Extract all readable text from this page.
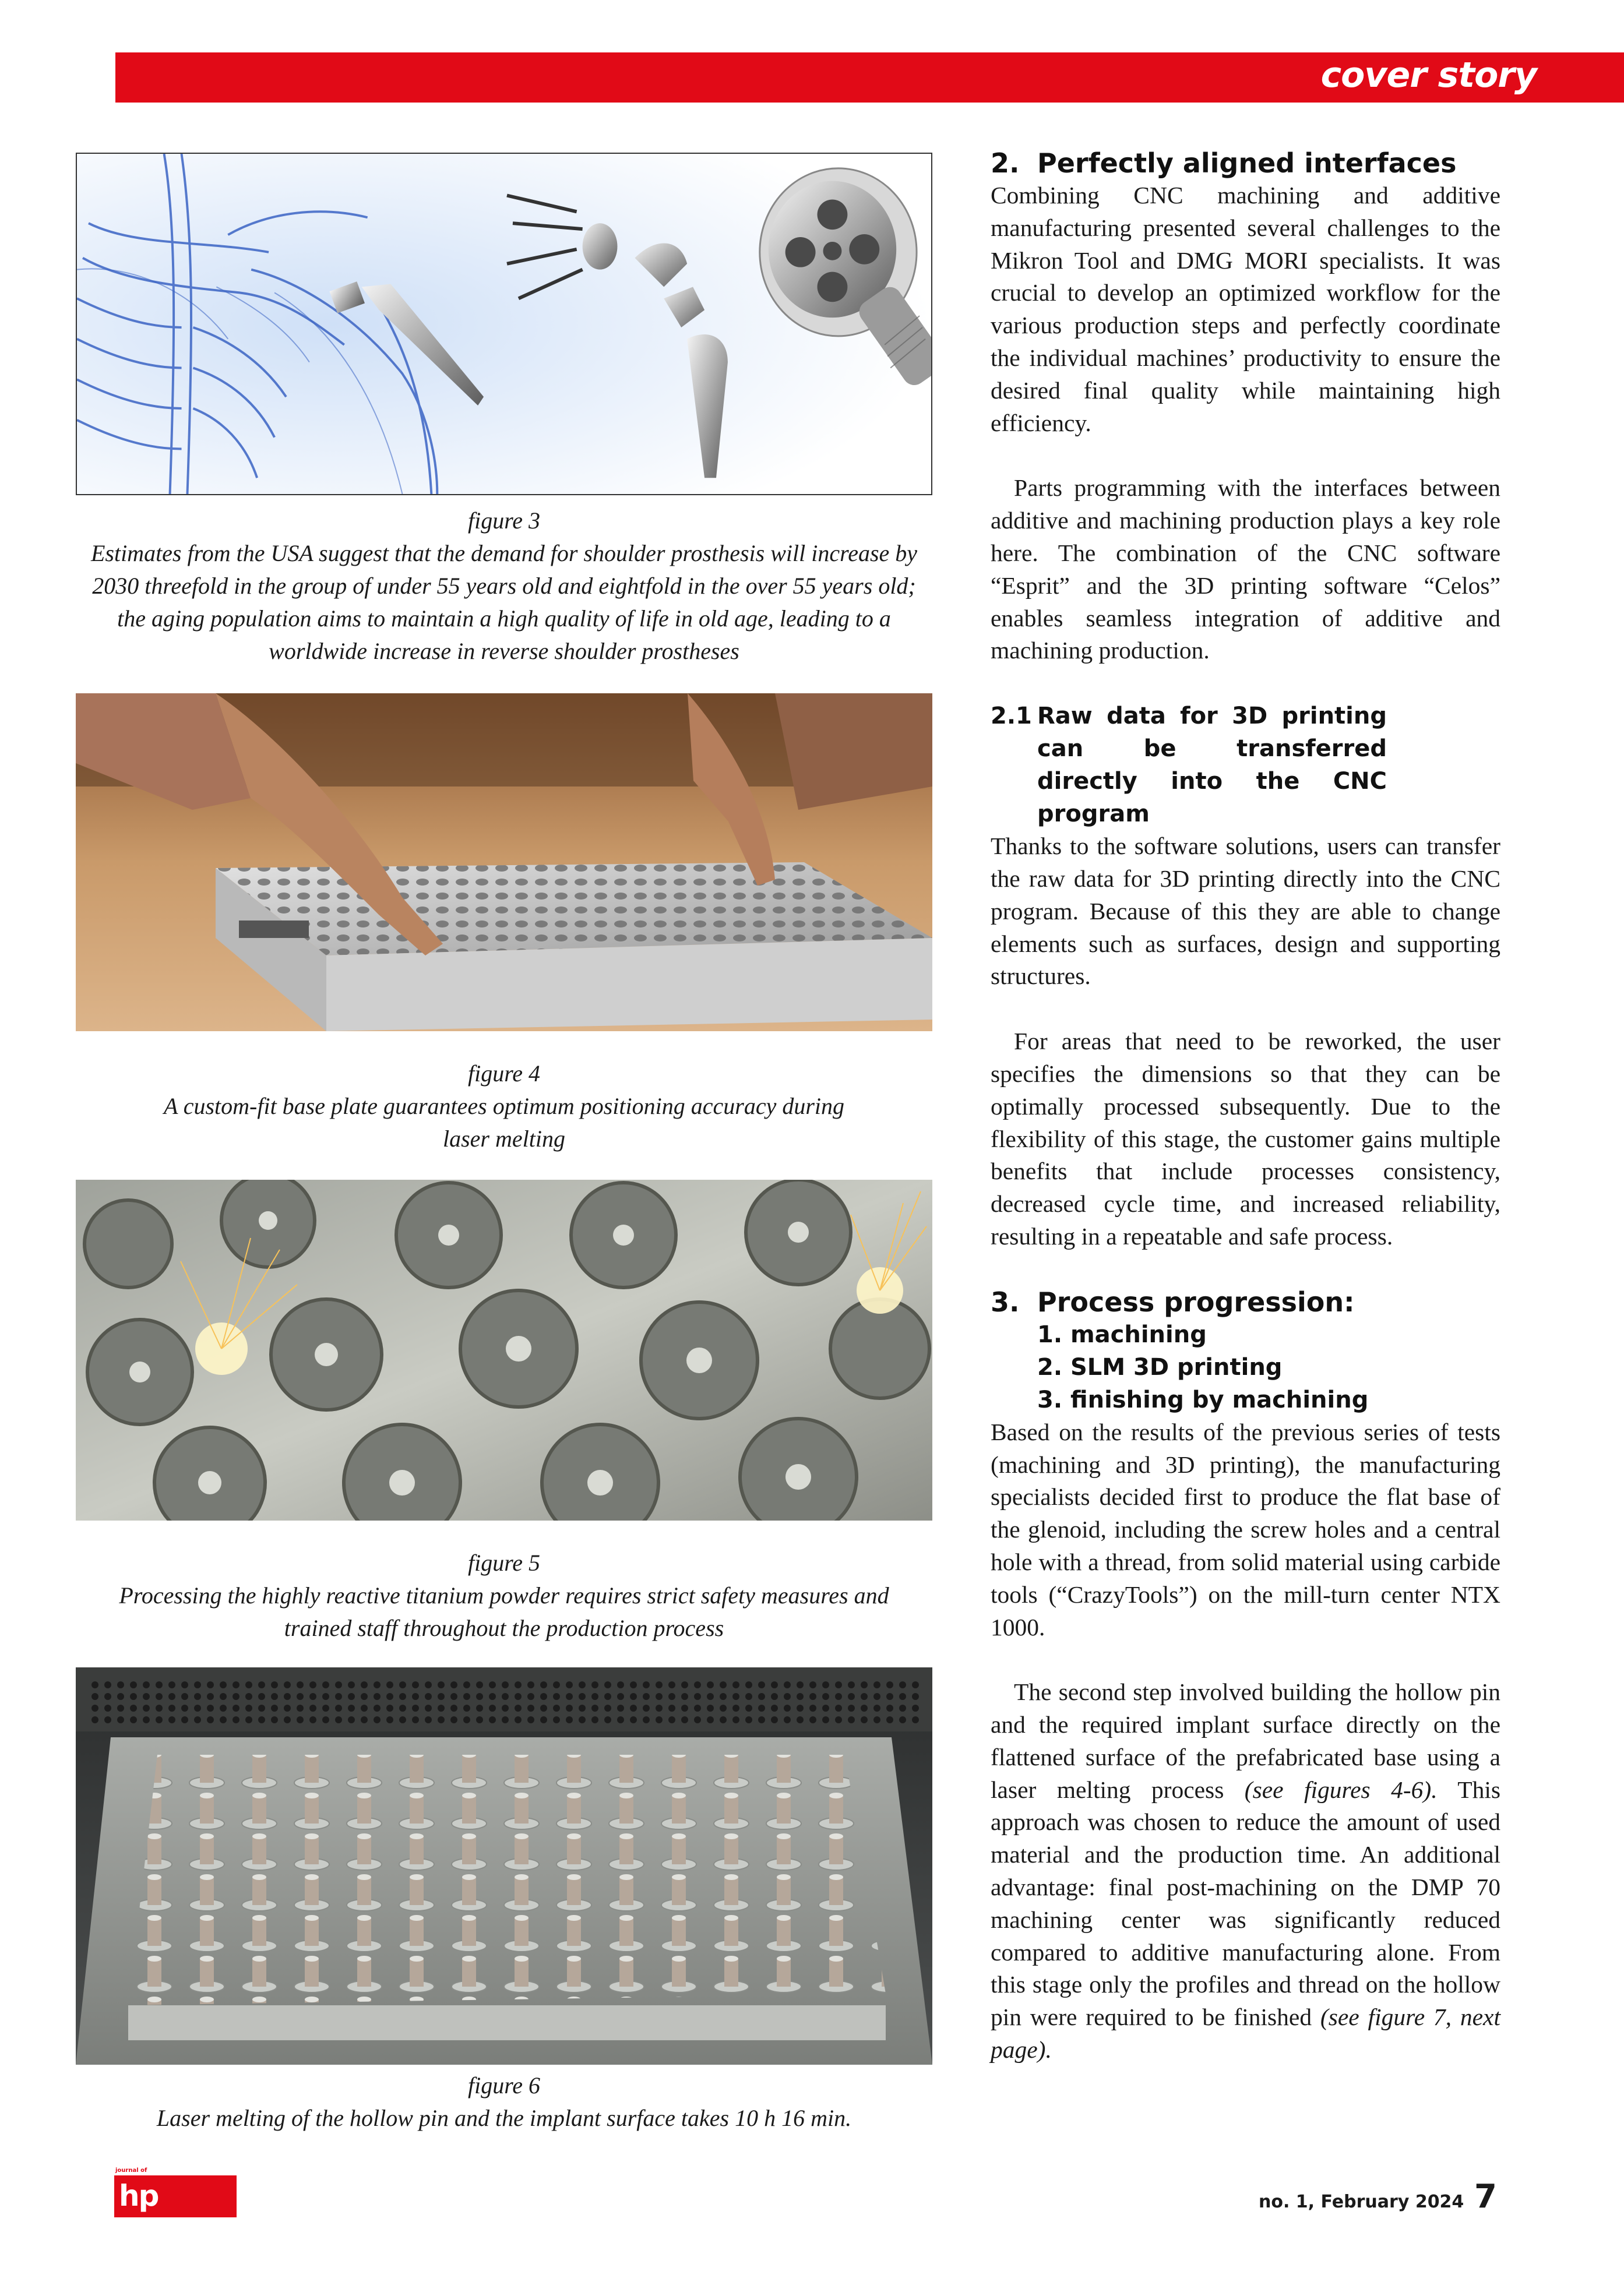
cover story
figure 3
Estimates from the USA suggest that the demand for shoulder prosthesis will increase by 2030 threefold in the group of under 55 years old and eightfold in the over 55 years old; the aging population aims to maintain a high quality of life in old age, leading to a worldwide increase in reverse shoulder prostheses
figure 4
A custom-fit base plate guarantees optimum positioning accuracy during laser melting
figure 5
Processing the highly reactive titanium powder requires strict safety measures and trained staff throughout the production process
figure 6
Laser melting of the hollow pin and the implant surface takes 10 h 16 min.
2. Perfectly aligned interfaces

Combining CNC machining and additive manufacturing presented several challenges to the Mikron Tool and DMG MORI specialists. It was crucial to develop an optimized workflow for the various production steps and perfectly coordinate the individual machines’ productivity to ensure the desired final quality while maintaining high efficiency.

Parts programming with the interfaces between additive and machining production plays a key role here. The combination of the CNC software “Esprit” and the 3D printing software “Celos” enables seamless integration of additive and machining production.

2.1 Raw data for 3D printing can be transferred directly into the CNC program

Thanks to the software solutions, users can transfer the raw data for 3D printing directly into the CNC program. Because of this they are able to change elements such as surfaces, design and supporting structures.

For areas that need to be reworked, the user specifies the dimensions so that they can be optimally processed subsequently. Due to the flexibility of this stage, the customer gains multiple benefits that include processes consistency, decreased cycle time, and increased reliability, resulting in a repeatable and safe process.

3. Process progression:
1. machining
2. SLM 3D printing
3. finishing by machining

Based on the results of the previous series of tests (machining and 3D printing), the manufacturing specialists decided first to produce the flat base of the glenoid, including the screw holes and a central hole with a thread, from solid material using carbide tools (“CrazyTools”) on the mill-turn center NTX 1000.

The second step involved building the hollow pin and the required implant surface directly on the flattened surface of the prefabricated base using a laser melting process (see figures 4-6). This approach was chosen to reduce the amount of used material and the production time. An additional advantage: final post-machining on the DMP 70 machining center was significantly reduced compared to additive manufacturing alone. From this stage only the profiles and thread on the hollow pin were required to be finished (see figure 7, next page).

journal of
hp tooling
no. 1, February 2024 7
